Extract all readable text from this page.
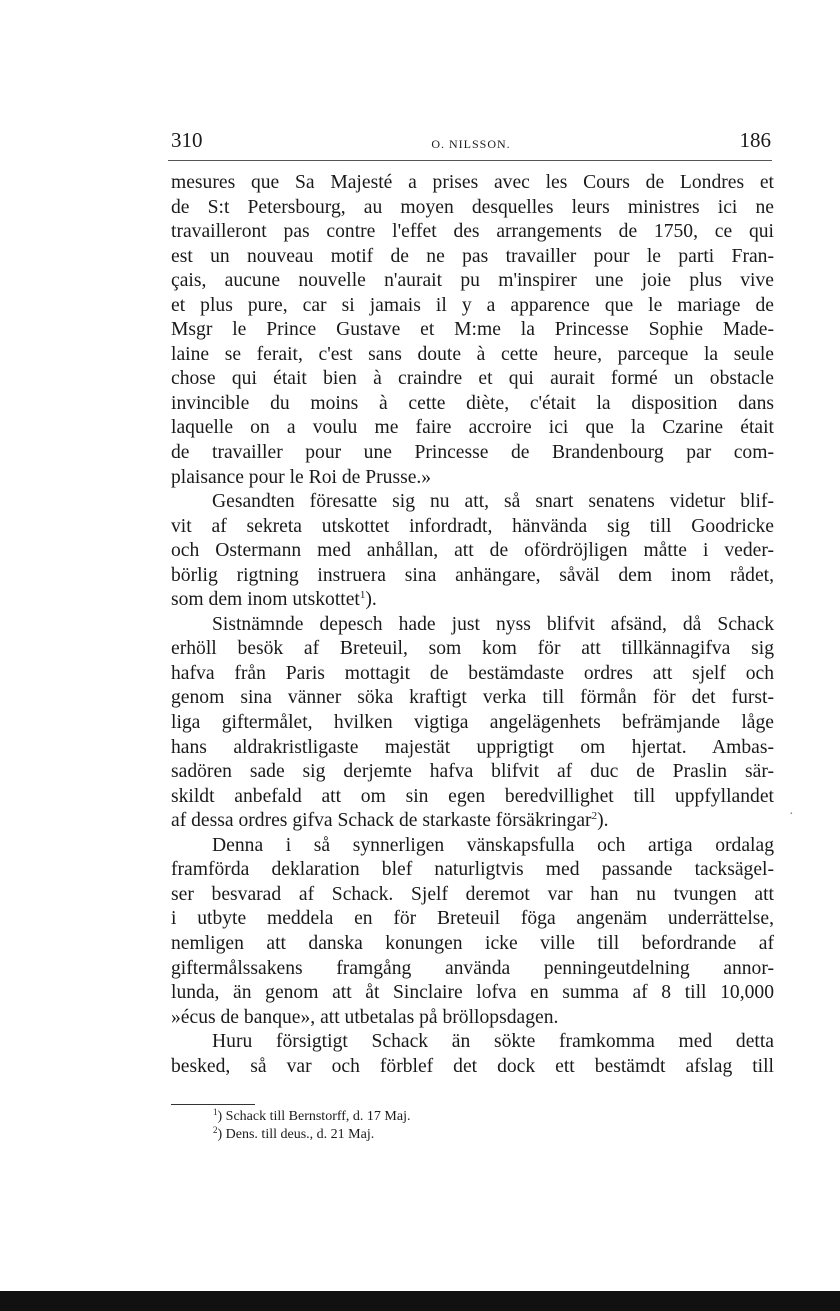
310	O. NILSSON.	186
mesures que Sa Majesté a prises avec les Cours de Londres et
de S:t Petersbourg, au moyen desquelles leurs ministres ici ne
travailleront pas contre l'effet des arrangements de 1750, ce qui
est un nouveau motif de ne pas travailler pour le parti Fran-
çais, aucune nouvelle n'aurait pu m'inspirer une joie plus vive
et plus pure, car si jamais il y a apparence que le mariage de
Msgr le Prince Gustave et M:me la Princesse Sophie Made-
laine se ferait, c'est sans doute à cette heure, parceque la seule
chose qui était bien à craindre et qui aurait formé un obstacle
invincible du moins à cette diète, c'était la disposition dans
laquelle on a voulu me faire accroire ici que la Czarine était
de travailler pour une Princesse de Brandenbourg par com-
plaisance pour le Roi de Prusse.»
Gesandten föresatte sig nu att, så snart senatens videtur blif-
vit af sekreta utskottet infordradt, hänvända sig till Goodricke
och Ostermann med anhållan, att de ofördröjligen måtte i veder-
börlig rigtning instruera sina anhängare, såväl dem inom rådet,
som dem inom utskottet$^1$).
Sistnämnde depesch hade just nyss blifvit afsänd, då Schack
erhöll besök af Breteuil, som kom för att tillkännagifva sig
hafva från Paris mottagit de bestämdaste ordres att sjelf och
genom sina vänner söka kraftigt verka till förmån för det furst-
liga giftermålet, hvilken vigtiga angelägenhets befrämjande låge
hans aldrakristligaste majestät upprigtigt om hjertat. Ambas-
sadören sade sig derjemte hafva blifvit af duc de Praslin sär-
skildt anbefald att om sin egen beredvillighet till uppfyllandet
af dessa ordres gifva Schack de starkaste försäkringar$^2$).
Denna i så synnerligen vänskapsfulla och artiga ordalag
framförda deklaration blef naturligtvis med passande tacksägel-
ser besvarad af Schack. Sjelf deremot var han nu tvungen att
i utbyte meddela en för Breteuil föga angenäm underrättelse,
nemligen att danska konungen icke ville till befordrande af
giftermålssakens framgång använda penningeutdelning annor-
lunda, än genom att åt Sinclaire lofva en summa af 8 till 10,000
»écus de banque», att utbetalas på bröllopsdagen.
Huru försigtigt Schack än sökte framkomma med detta
besked, så var och förblef det dock ett bestämdt afslag till
$^1$) Schack till Bernstorff, d. 17 Maj.
$^2$) Dens. till deus., d. 21 Maj.
·
